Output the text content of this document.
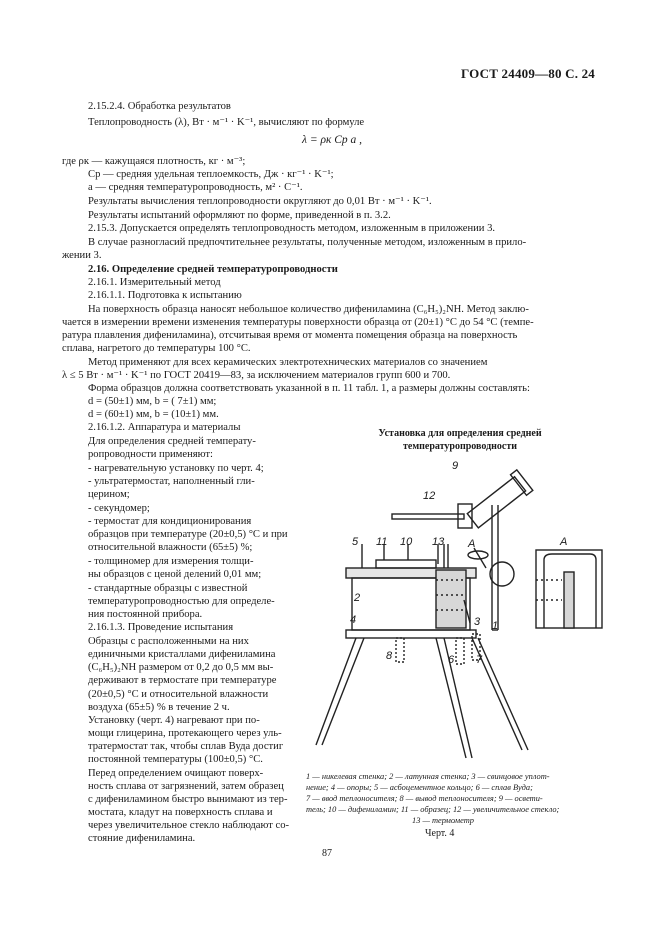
ГОСТ 24409—80 С. 24
2.15.2.4. Обработка результатов
Теплопроводность (λ), Вт · м⁻¹ · K⁻¹, вычисляют по формуле
где ρк — кажущаяся плотность, кг · м⁻³;
Cp — средняя удельная теплоемкость, Дж · кг⁻¹ · K⁻¹;
a — средняя температуропроводность, м² · С⁻¹.
Результаты вычисления теплопроводности округляют до 0,01 Вт · м⁻¹ · K⁻¹.
Результаты испытаний оформляют по форме, приведенной в п. 3.2.
2.15.3. Допускается определять теплопроводность методом, изложенным в приложении 3.
В случае разногласий предпочтительнее результаты, полученные методом, изложенным в прило-
жении 3.
2.16. Определение средней температуропроводности
2.16.1. Измерительный метод
2.16.1.1. Подготовка к испытанию
На поверхность образца наносят небольшое количество дифениламина (C₆H₅)₂NH. Метод заклю-
чается в измерении времени изменения температуры поверхности образца от (20±1) °С до 54 °С (темпе-
ратура плавления дифениламина), отсчитывая время от момента помещения образца на поверхность
сплава, нагретого до температуры 100 °С.
Метод применяют для всех керамических электротехнических материалов со значением
λ ≤ 5 Вт · м⁻¹ · K⁻¹ по ГОСТ 20419—83, за исключением материалов групп 600 и 700.
Форма образцов должна соответствовать указанной в п. 11 табл. 1, а размеры должны составлять:
d = (50±1) мм, b = ( 7±1) мм;
d = (60±1) мм, b = (10±1) мм.
2.16.1.2. Аппаратура и материалы
Для определения средней температу-
ропроводности применяют:
- нагревательную установку по черт. 4;
- ультратермостат, наполненный гли-
церином;
- секундомер;
- термостат для кондиционирования
образцов при температуре (20±0,5) °С и при
относительной влажности (65±5) %;
- толщиномер для измерения толщи-
ны образцов с ценой делений 0,01 мм;
- стандартные образцы с известной
температуропроводностью для определе-
ния постоянной прибора.
2.16.1.3. Проведение испытания
Образцы с расположенными на них
единичными кристаллами дифениламина
(C₆H₅)₂NH размером от 0,2 до 0,5 мм вы-
держивают в термостате при температуре
(20±0,5) °С и относительной влажности
воздуха (65±5) % в течение 2 ч.
Установку (черт. 4) нагревают при по-
мощи глицерина, протекающего через уль-
тратермостат так, чтобы сплав Вуда достиг
постоянной температуры (100±0,5) °С.
Перед определением очищают поверх-
ность сплава от загрязнений, затем образец
с дифениламином быстро вынимают из тер-
мостата, кладут на поверхность сплава и
через увеличительное стекло наблюдают со-
стояние дифениламина.
λ = ρк Cp a ,
Установка для определения средней
температуропроводности
9
12
5 11 10 13 A	A
2
1
3
4
8	6 7
1 — никелевая стенка; 2 — латунная стенка; 3 — свинцовое уплот-
нение; 4 — опоры; 5 — асбоцементное кольцо; 6 — сплав Вуда;
7 — ввод теплоносителя; 8 — вывод теплоносителя; 9 — освети-
тель; 10 — дифениламин; 11 — образец; 12 — увеличительное стекло;
13 — термометр
Черт. 4
87
